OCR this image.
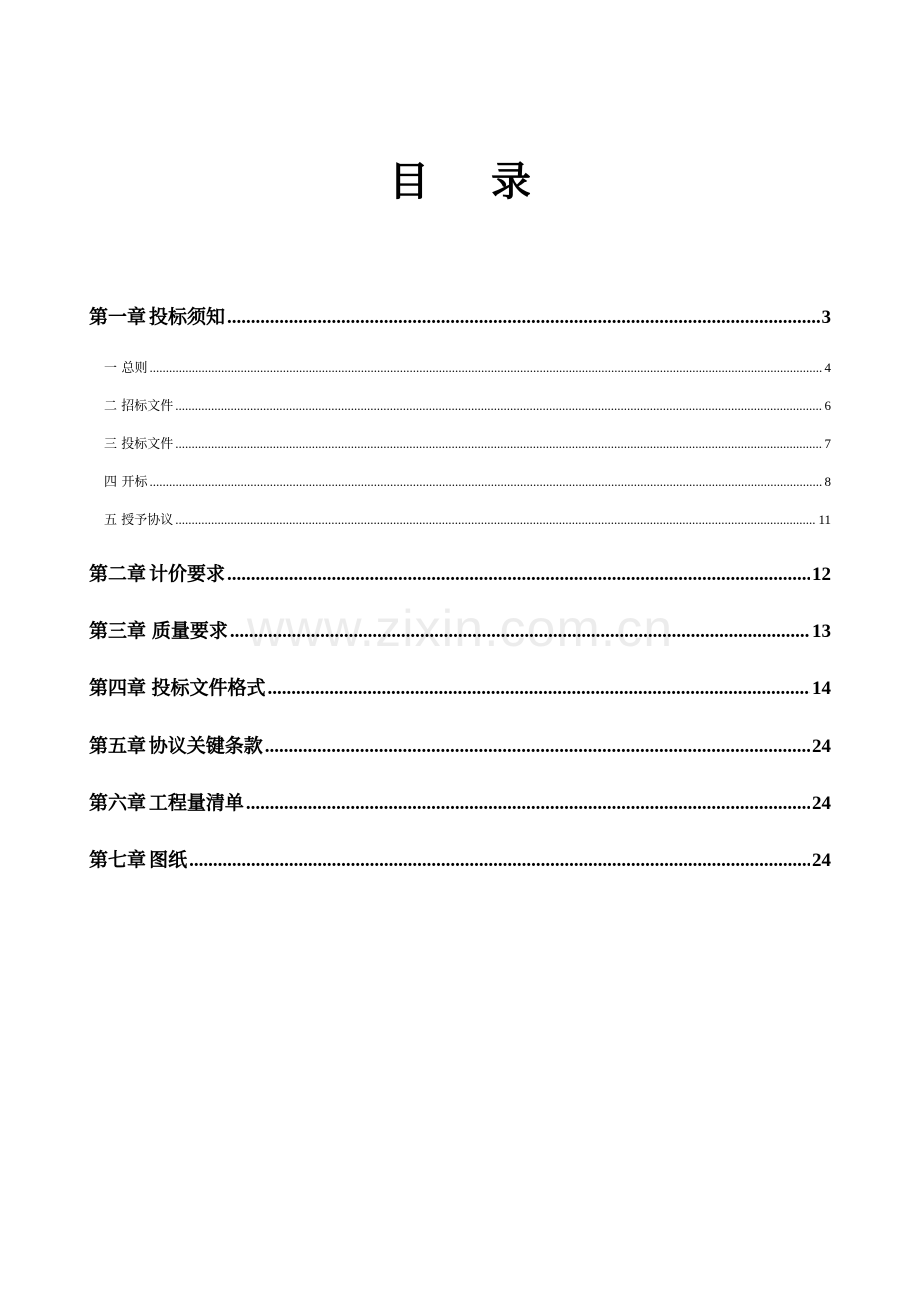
目 录
www.zixin.com.cn
第一章 投标须知 .....	3
一 总则 .....	4
二 招标文件 .....	6
三 投标文件 .....	7
四 开标 .....	8
五 授予协议 .....	11
第二章 计价要求 .....	12
第三章 质量要求 .....	13
第四章 投标文件格式 .....	14
第五章 协议关键条款 .....	24
第六章 工程量清单 .....	24
第七章 图纸 .....	24
